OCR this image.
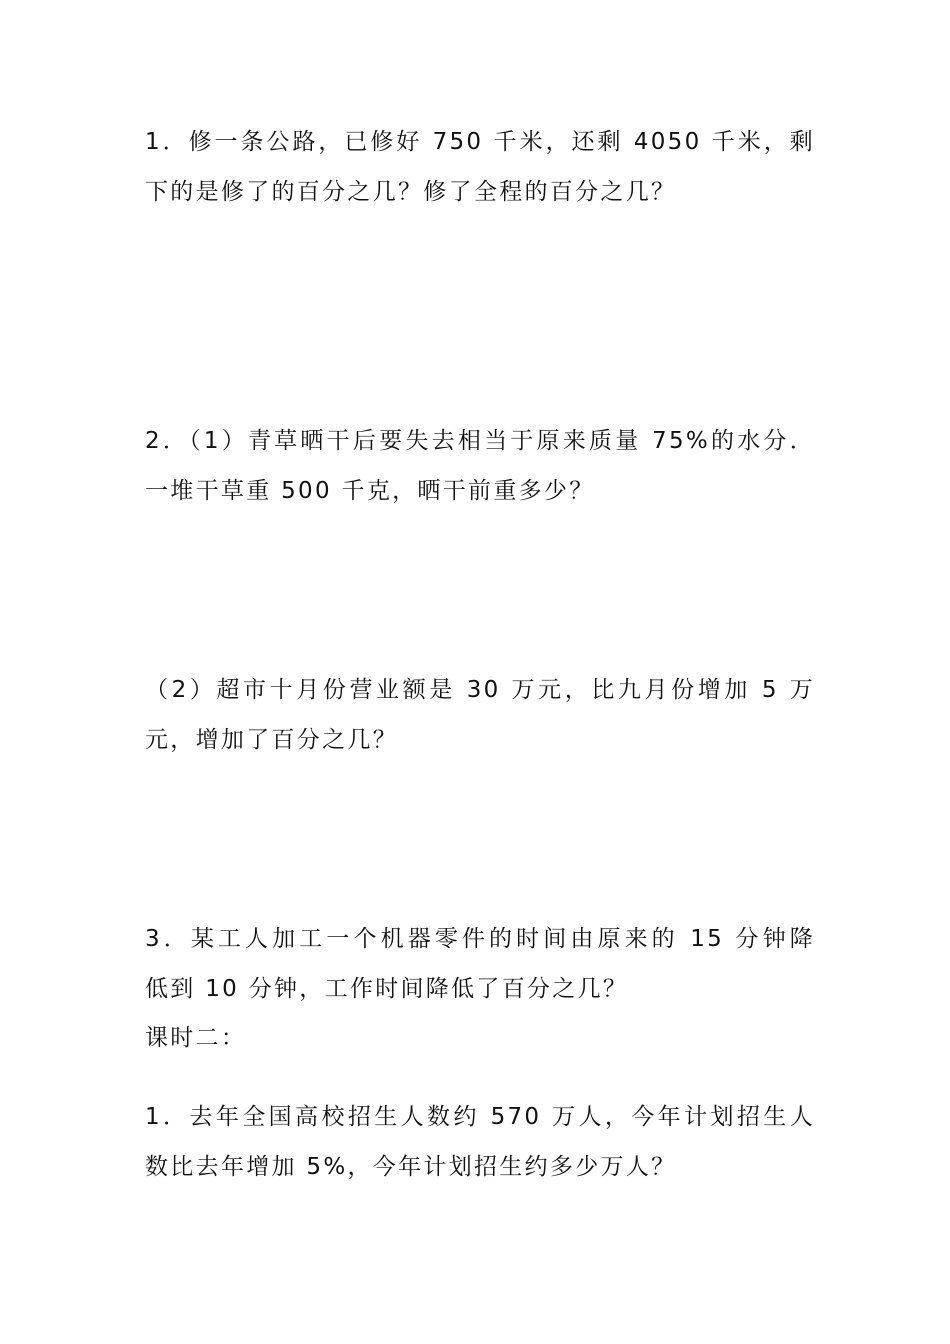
1．修一条公路，已修好 750 千米，还剩 4050 千米，剩
下的是修了的百分之几？修了全程的百分之几？
2．（1）青草晒干后要失去相当于原来质量 75%的水分．
一堆干草重 500 千克，晒干前重多少？
（2）超市十月份营业额是 30 万元，比九月份增加 5 万
元，增加了百分之几？
3．某工人加工一个机器零件的时间由原来的 15 分钟降
低到 10 分钟，工作时间降低了百分之几？
课时二：
1．去年全国高校招生人数约 570 万人，今年计划招生人
数比去年增加 5%，今年计划招生约多少万人？
